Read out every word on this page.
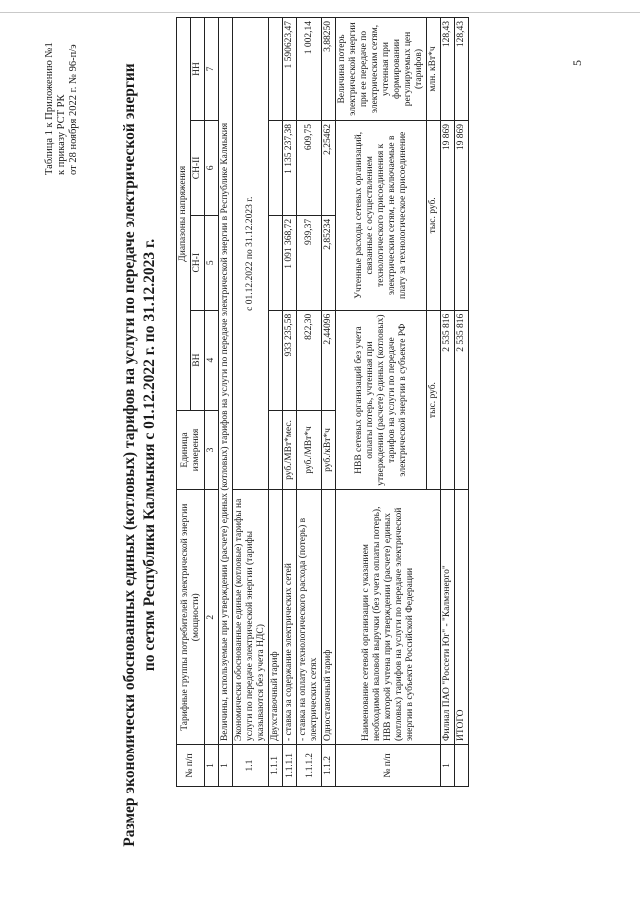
5
Таблица 1 к Приложению №1 к приказу РСТ РК от 28 ноября 2022 г. № 96-п/э	Размер экономически обоснованных единых (котловых) тарифов на услуги по передаче электрической энергии по сетям Республики Калмыкия с 01.12.2022 г. по 31.12.2023 г.
№ п/п	Тарифные группы потребителей электрической энергии (мощности)	Единица измерения	Диапазоны напряжения			
			ВН	СН-I	СН-II	НН
1	2	3	4	5	6	7
1	Величины, используемые при утверждении (расчете) единых (котловых) тарифов на услуги по передаче электрической энергии в Республике Калмыкия					
1.1	Экономически обоснованные единые (котловые) тарифы на услуги по передаче электрической энергии (тарифы указываются без учета НДС)	с 01.12.2022 по 31.12.2023 г.				
1.1.1	Двухставочный тариф					
1.1.1.1	- ставка за содержание электрических сетей	руб./МВт*мес.	933 235,58	1 091 368,72	1 135 237,38	1 590623,47
1.1.1.2	- ставка на оплату технологического расхода (потерь) в электрических сетях	руб./МВт*ч	822,30	939,37	609,75	1 002,14
1.1.2	Одноставочный тариф	руб./кВт*ч	2,44096	2,85234	2,25462	3,88250
№ п/п	Наименование сетевой организации с указанием необходимой валовой выручки (без учета оплаты потерь), НВВ которой учтена при утверждении (расчете) единых (котловых) тарифов на услуги по передаче электрической энергии в субъекте Российской Федерации	НВВ сетевых организаций без учета оплаты потерь, учтенная при утверждении (расчете) единых (котловых) тарифов на услуги по передаче электрической энергии в субъекте РФ		Учтенные расходы сетевых организаций, связанные с осуществлением технологического присоединения к электрическим сетям, не включаемые в плату за технологическое присоединение		Величина потерь электрической энергии при ее передаче по электрическим сетям, учтенная при формировании регулируемых цен (тарифов)
		тыс. руб.		тыс. руб.		млн. кВт*ч
1	Филиал ПАО "Россети Юг" - "Калмэнерго"	2 535 816		19 869		128,43
	ИТОГО	2 535 816		19 869		128,43
